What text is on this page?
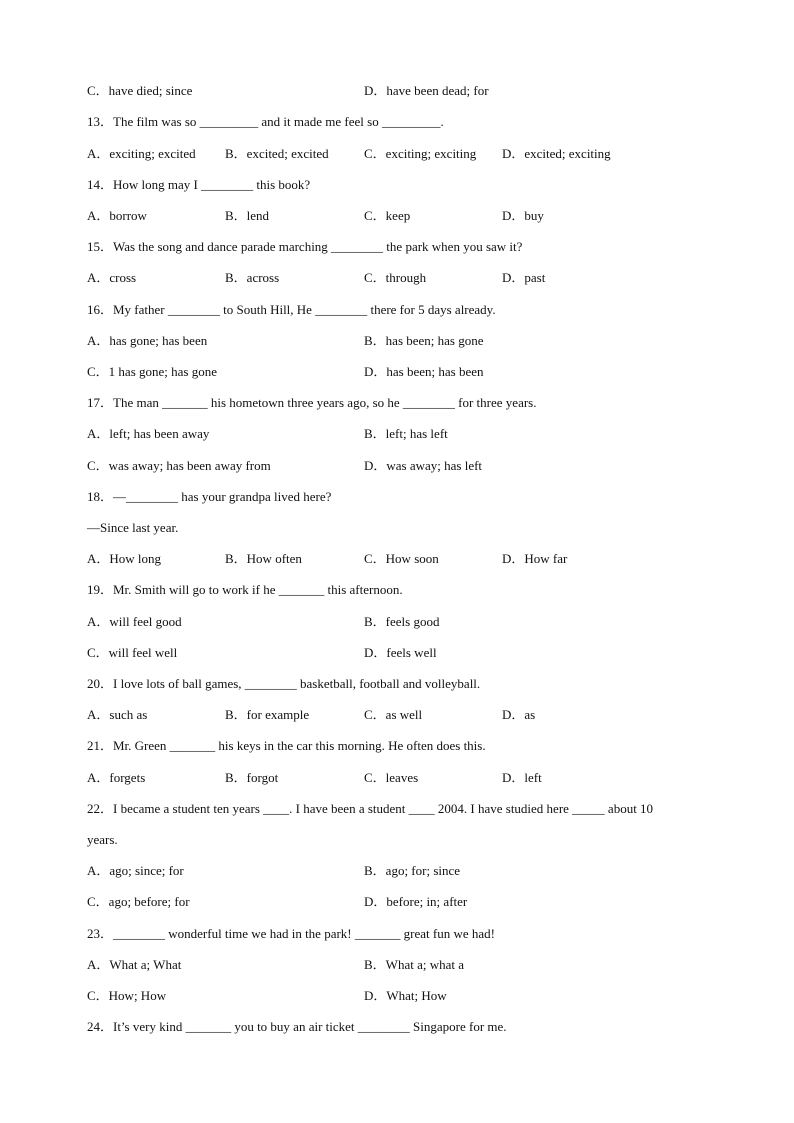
C．have died; since	D．have been dead; for
13．The film was so _________ and it made me feel so _________.
A．exciting; excited B．excited; excited	C．exciting; exciting D．excited; exciting
14．How long may I ________ this book?
A．borrow	B．lend	C．keep	D．buy
15．Was the song and dance parade marching ________ the park when you saw it?
A．cross	B．across	C．through	D．past
16．My father ________ to South Hill, He ________ there for 5 days already.
A．has gone; has been	B．has been; has gone
C．1 has gone; has gone	D．has been; has been
17．The man _______ his hometown three years ago, so he ________ for three years.
A．left; has been away	B．left; has left
C．was away; has been away from	D．was away; has left
18．—________ has your grandpa lived here?
—Since last year.
A．How long	B．How often	C．How soon	D．How far
19．Mr. Smith will go to work if he _______ this afternoon.
A．will feel good	B．feels good
C．will feel well	D．feels well
20．I love lots of ball games, ________ basketball, football and volleyball.
A．such as	B．for example	C．as well	D．as
21．Mr. Green _______ his keys in the car this morning. He often does this.
A．forgets	B．forgot	C．leaves	D．left
22．I became a student ten years ____. I have been a student ____ 2004. I have studied here _____ about 10
years.
A．ago; since; for	B．ago; for; since
C．ago; before; for	D．before; in; after
23．________ wonderful time we had in the park! _______ great fun we had!
A．What a; What	B．What a; what a
C．How; How	D．What; How
24．It’s very kind _______ you to buy an air ticket ________ Singapore for me.
